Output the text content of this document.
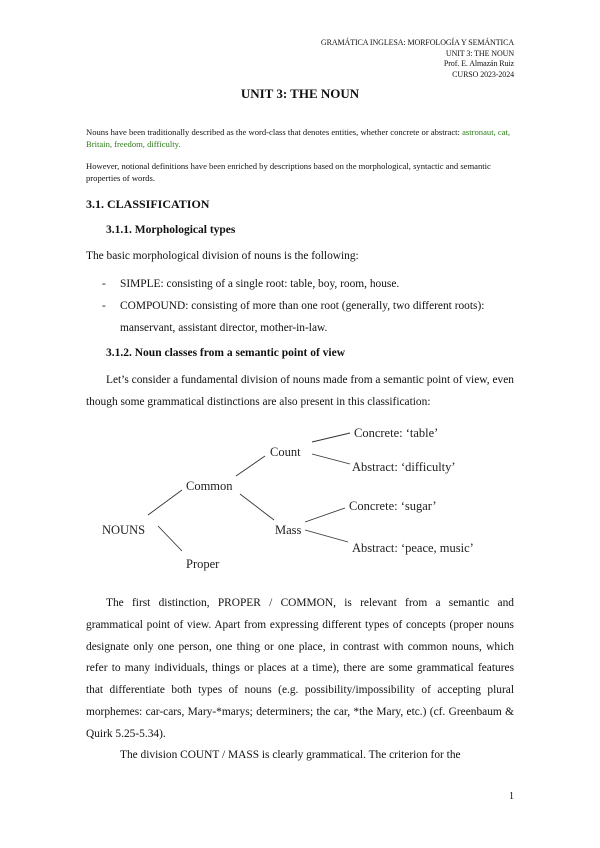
GRAMÁTICA INGLESA: MORFOLOGÍA Y SEMÁNTICA
UNIT 3: THE NOUN
Prof. E. Almazán Ruiz
CURSO 2023-2024
UNIT 3: THE NOUN
Nouns have been traditionally described as the word-class that denotes entities, whether concrete or abstract: astronaut, cat, Britain, freedom, difficulty.
However, notional definitions have been enriched by descriptions based on the morphological, syntactic and semantic properties of words.
3.1. CLASSIFICATION
3.1.1. Morphological types
The basic morphological division of nouns is the following:
- SIMPLE: consisting of a single root: table, boy, room, house.
- COMPOUND: consisting of more than one root (generally, two different roots): manservant, assistant director, mother-in-law.
3.1.2. Noun classes from a semantic point of view
Let’s consider a fundamental division of nouns made from a semantic point of view, even though some grammatical distinctions are also present in this classification:
NOUNS
Common
Proper
Count
Mass
Concrete: ‘table’
Abstract: ‘difficulty’
Concrete: ‘sugar’
Abstract: ‘peace, music’
The first distinction, PROPER / COMMON, is relevant from a semantic and grammatical point of view. Apart from expressing different types of concepts (proper nouns designate only one person, one thing or one place, in contrast with common nouns, which refer to many individuals, things or places at a time), there are some grammatical features that differentiate both types of nouns (e.g. possibility/impossibility of accepting plural morphemes: car-cars, Mary-*marys; determiners; the car, *the Mary, etc.) (cf. Greenbaum & Quirk 5.25-5.34).
The division COUNT / MASS is clearly grammatical. The criterion for the
1
